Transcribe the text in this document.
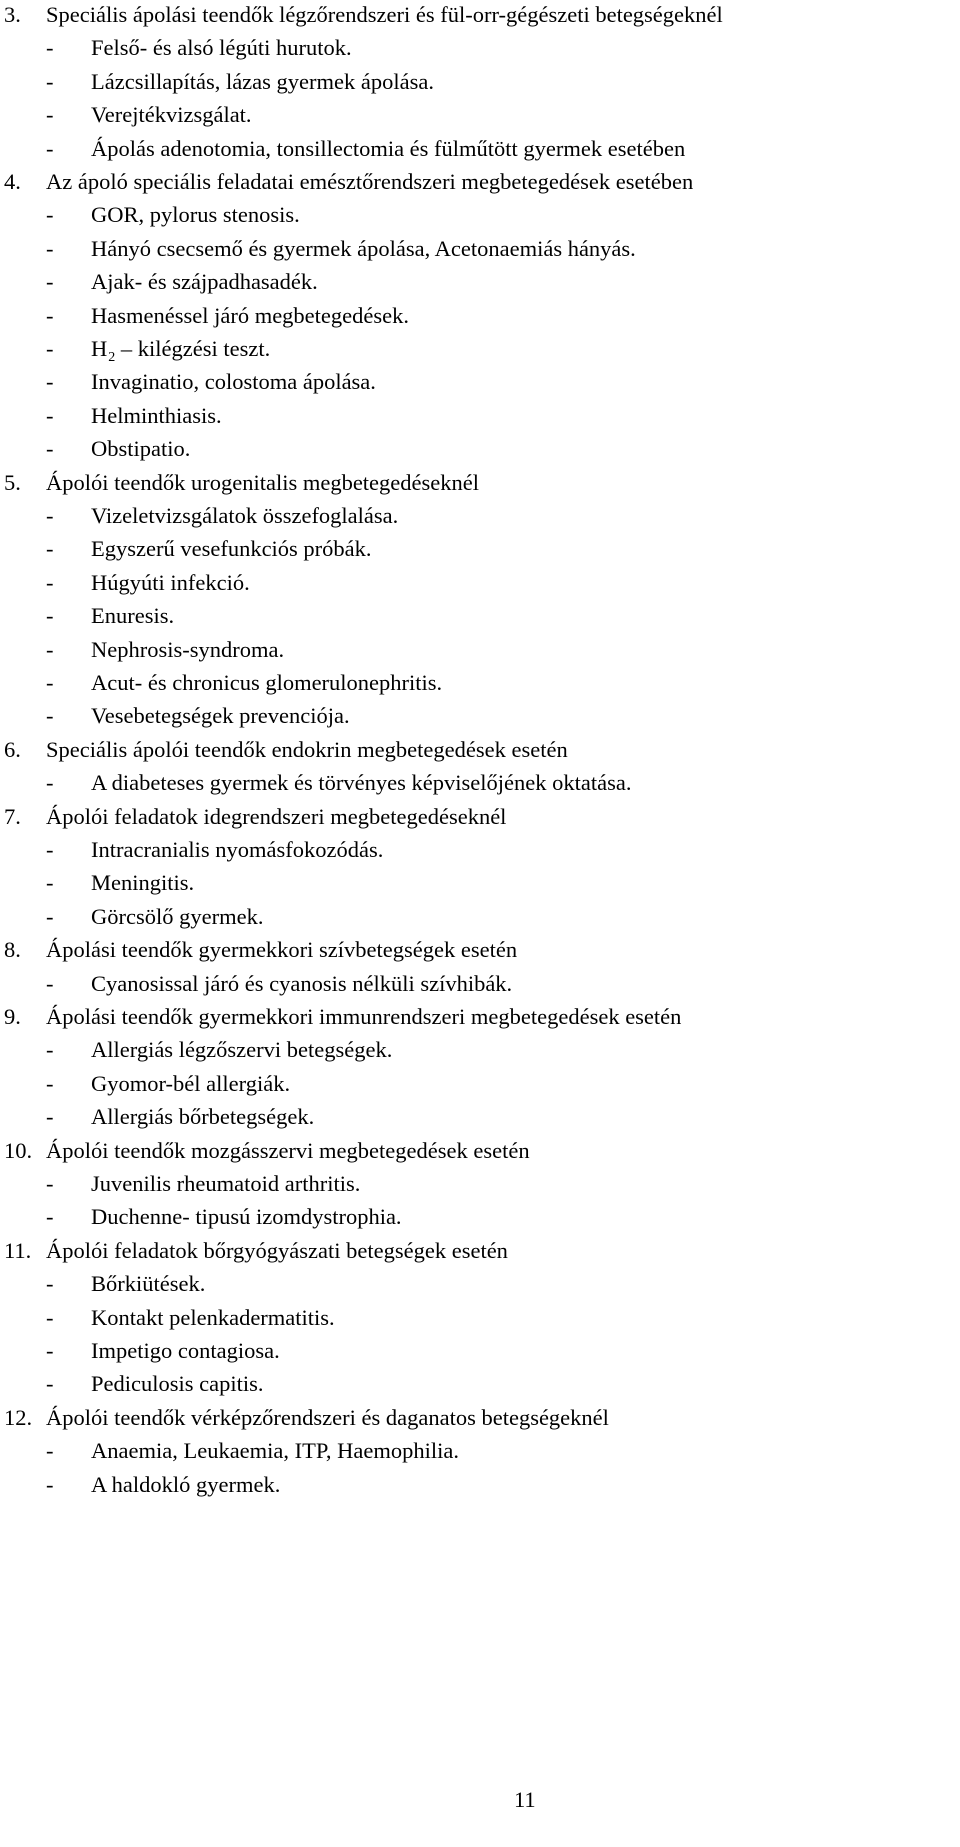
3. Speciális ápolási teendők légzőrendszeri és fül-orr-gégészeti betegségeknél
- Felső- és alsó légúti hurutok.
- Lázcsillapítás, lázas gyermek ápolása.
- Verejtékvizsgálat.
- Ápolás adenotomia, tonsillectomia és fülműtött gyermek esetében
4. Az ápoló speciális feladatai emésztőrendszeri megbetegedések esetében
- GOR, pylorus stenosis.
- Hányó csecsemő és gyermek ápolása, Acetonaemiás hányás.
- Ajak- és szájpadhasadék.
- Hasmenéssel járó megbetegedések.
- $H_2$ – kilégzési teszt.
- Invaginatio, colostoma ápolása.
- Helminthiasis.
- Obstipatio.
5. Ápolói teendők urogenitalis megbetegedéseknél
- Vizeletvizsgálatok összefoglalása.
- Egyszerű vesefunkciós próbák.
- Húgyúti infekció.
- Enuresis.
- Nephrosis-syndroma.
- Acut- és chronicus glomerulonephritis.
- Vesebetegségek prevenciója.
6. Speciális ápolói teendők endokrin megbetegedések esetén
- A diabeteses gyermek és törvényes képviselőjének oktatása.
7. Ápolói feladatok idegrendszeri megbetegedéseknél
- Intracranialis nyomásfokozódás.
- Meningitis.
- Görcsölő gyermek.
8. Ápolási teendők gyermekkori szívbetegségek esetén
- Cyanosissal járó és cyanosis nélküli szívhibák.
9. Ápolási teendők gyermekkori immunrendszeri megbetegedések esetén
- Allergiás légzőszervi betegségek.
- Gyomor-bél allergiák.
- Allergiás bőrbetegségek.
10. Ápolói teendők mozgásszervi megbetegedések esetén
- Juvenilis rheumatoid arthritis.
- Duchenne- tipusú izomdystrophia.
11. Ápolói feladatok bőrgyógyászati betegségek esetén
- Bőrkiütések.
- Kontakt pelenkadermatitis.
- Impetigo contagiosa.
- Pediculosis capitis.
12. Ápolói teendők vérképzőrendszeri és daganatos betegségeknél
- Anaemia, Leukaemia, ITP, Haemophilia.
- A haldokló gyermek.
11
